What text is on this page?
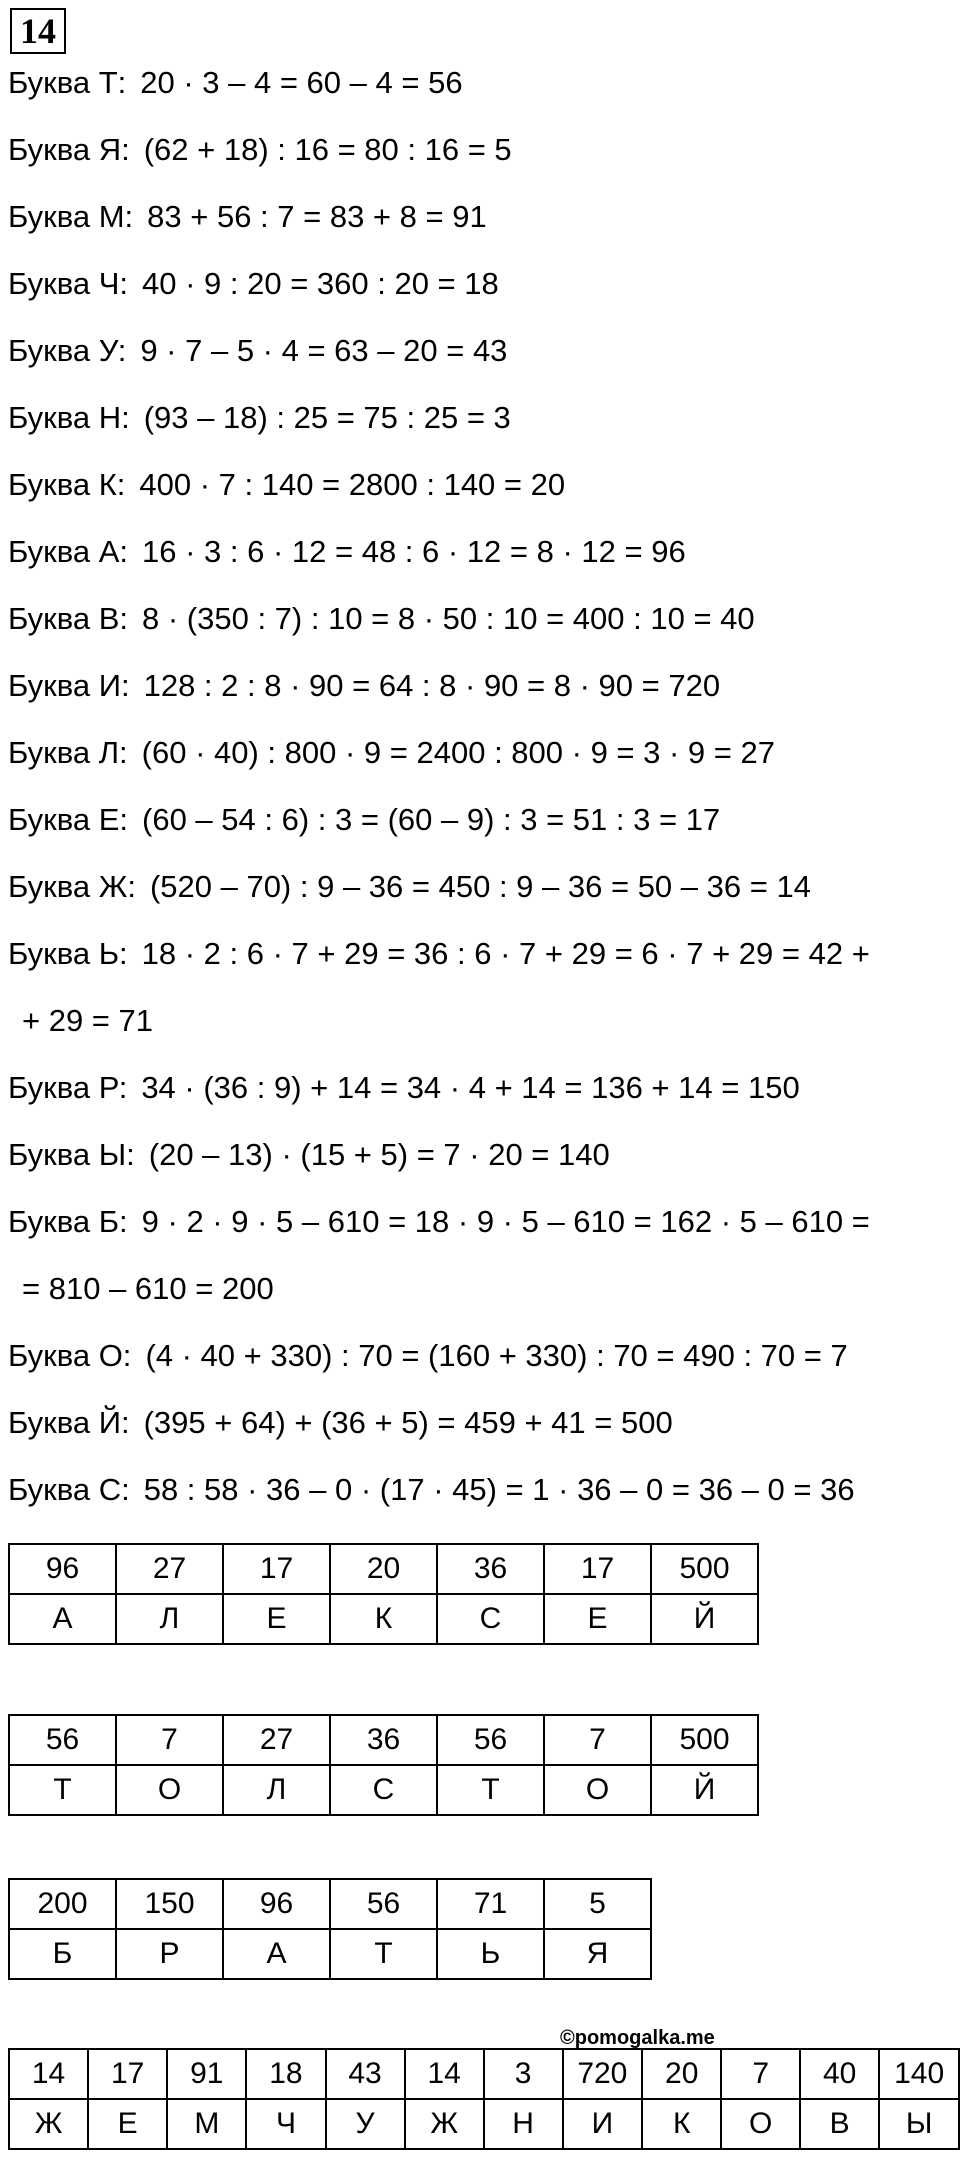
14
Буква Т: 20 · 3 – 4 = 60 – 4 = 56
Буква Я: (62 + 18) : 16 = 80 : 16 = 5
Буква М: 83 + 56 : 7 = 83 + 8 = 91
Буква Ч: 40 · 9 : 20 = 360 : 20 = 18
Буква У: 9 · 7 – 5 · 4 = 63 – 20 = 43
Буква Н: (93 – 18) : 25 = 75 : 25 = 3
Буква К: 400 · 7 : 140 = 2800 : 140 = 20
Буква А: 16 · 3 : 6 · 12 = 48 : 6 · 12 = 8 · 12 = 96
Буква В: 8 · (350 : 7) : 10 = 8 · 50 : 10 = 400 : 10 = 40
Буква И: 128 : 2 : 8 · 90 = 64 : 8 · 90 = 8 · 90 = 720
Буква Л: (60 · 40) : 800 · 9 = 2400 : 800 · 9 = 3 · 9 = 27
Буква Е: (60 – 54 : 6) : 3 = (60 – 9) : 3 = 51 : 3 = 17
Буква Ж: (520 – 70) : 9 – 36 = 450 : 9 – 36 = 50 – 36 = 14
Буква Ь: 18 · 2 : 6 · 7 + 29 = 36 : 6 · 7 + 29 = 6 · 7 + 29 = 42 +
+ 29 = 71
Буква Р: 34 · (36 : 9) + 14 = 34 · 4 + 14 = 136 + 14 = 150
Буква Ы: (20 – 13) · (15 + 5) = 7 · 20 = 140
Буква Б: 9 · 2 · 9 · 5 – 610 = 18 · 9 · 5 – 610 = 162 · 5 – 610 =
= 810 – 610 = 200
Буква О: (4 · 40 + 330) : 70 = (160 + 330) : 70 = 490 : 70 = 7
Буква Й: (395 + 64) + (36 + 5) = 459 + 41 = 500
Буква С: 58 : 58 · 36 – 0 · (17 · 45) = 1 · 36 – 0 = 36 – 0 = 36
96	27	17	20	36	17	500
А	Л	Е	К	С	Е	Й
56	7	27	36	56	7	500
Т	О	Л	С	Т	О	Й
200	150	96	56	71	5
Б	Р	А	Т	Ь	Я
14	17	91	18	43	14	3	720	20	7	40	140
Ж	Е	М	Ч	У	Ж	Н	И	К	О	В	Ы
©pomogalka.me
